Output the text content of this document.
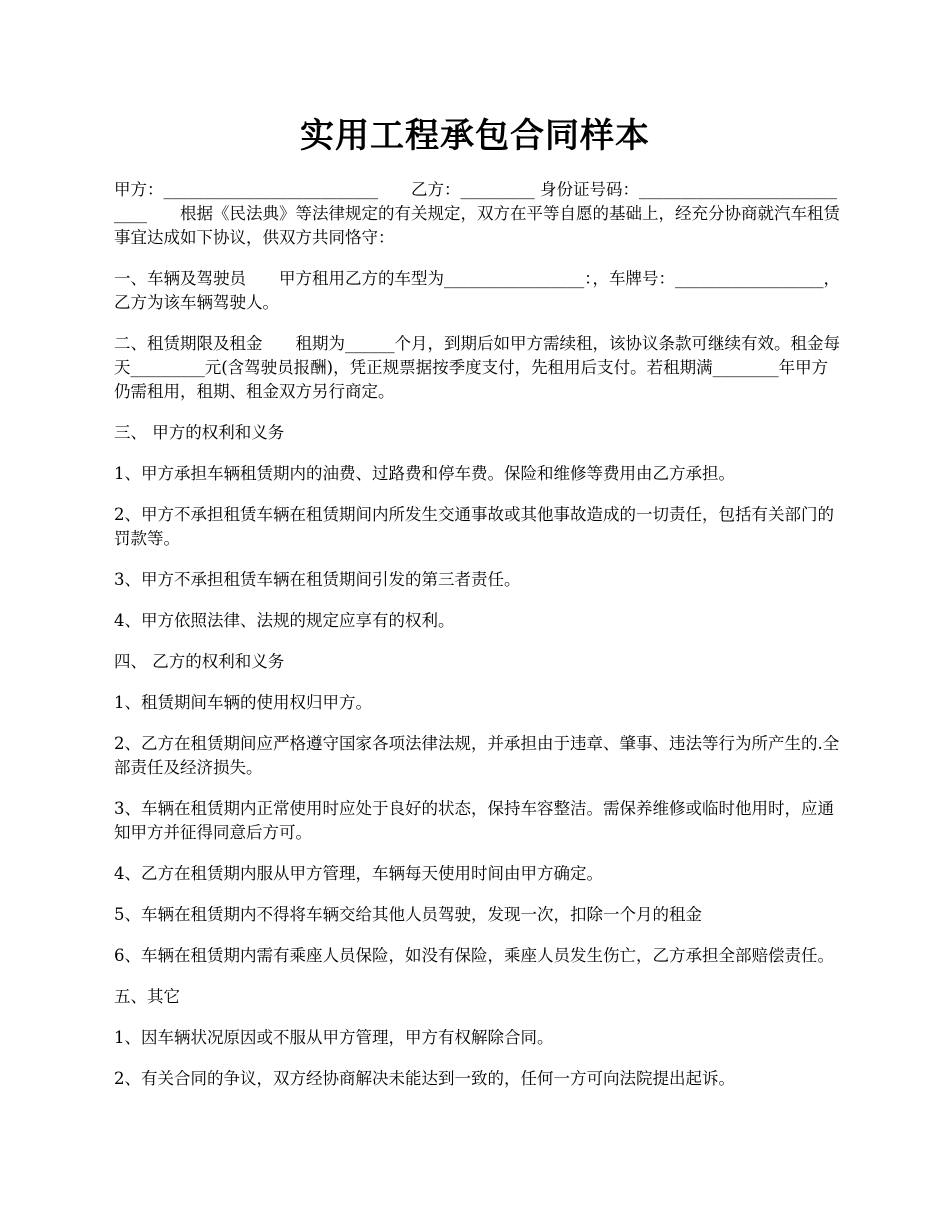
实用工程承包合同样本

甲方：__________________________　　乙方：_________ 身份证号码：____________________________　　根据《民法典》等法律规定的有关规定，双方在平等自愿的基础上，经充分协商就汽车租赁事宜达成如下协议，供双方共同恪守：

一、车辆及驾驶员　　甲方租用乙方的车型为_________________：，车牌号：__________________，乙方为该车辆驾驶人。

二、租赁期限及租金　　租期为______个月，到期后如甲方需续租，该协议条款可继续有效。租金每天_________元(含驾驶员报酬)，凭正规票据按季度支付，先租用后支付。若租期满________年甲方仍需租用，租期、租金双方另行商定。

三、 甲方的权利和义务

1、甲方承担车辆租赁期内的油费、过路费和停车费。保险和维修等费用由乙方承担。

2、甲方不承担租赁车辆在租赁期间内所发生交通事故或其他事故造成的一切责任，包括有关部门的罚款等。

3、甲方不承担租赁车辆在租赁期间引发的第三者责任。

4、甲方依照法律、法规的规定应享有的权利。

四、 乙方的权利和义务

1、租赁期间车辆的使用权归甲方。

2、乙方在租赁期间应严格遵守国家各项法律法规，并承担由于违章、肇事、违法等行为所产生的.全部责任及经济损失。

3、车辆在租赁期内正常使用时应处于良好的状态，保持车容整洁。需保养维修或临时他用时，应通知甲方并征得同意后方可。

4、乙方在租赁期内服从甲方管理，车辆每天使用时间由甲方确定。

5、车辆在租赁期内不得将车辆交给其他人员驾驶，发现一次，扣除一个月的租金

6、车辆在租赁期内需有乘座人员保险，如没有保险，乘座人员发生伤亡，乙方承担全部赔偿责任。

五、其它

1、因车辆状况原因或不服从甲方管理，甲方有权解除合同。

2、有关合同的争议，双方经协商解决未能达到一致的，任何一方可向法院提出起诉。
